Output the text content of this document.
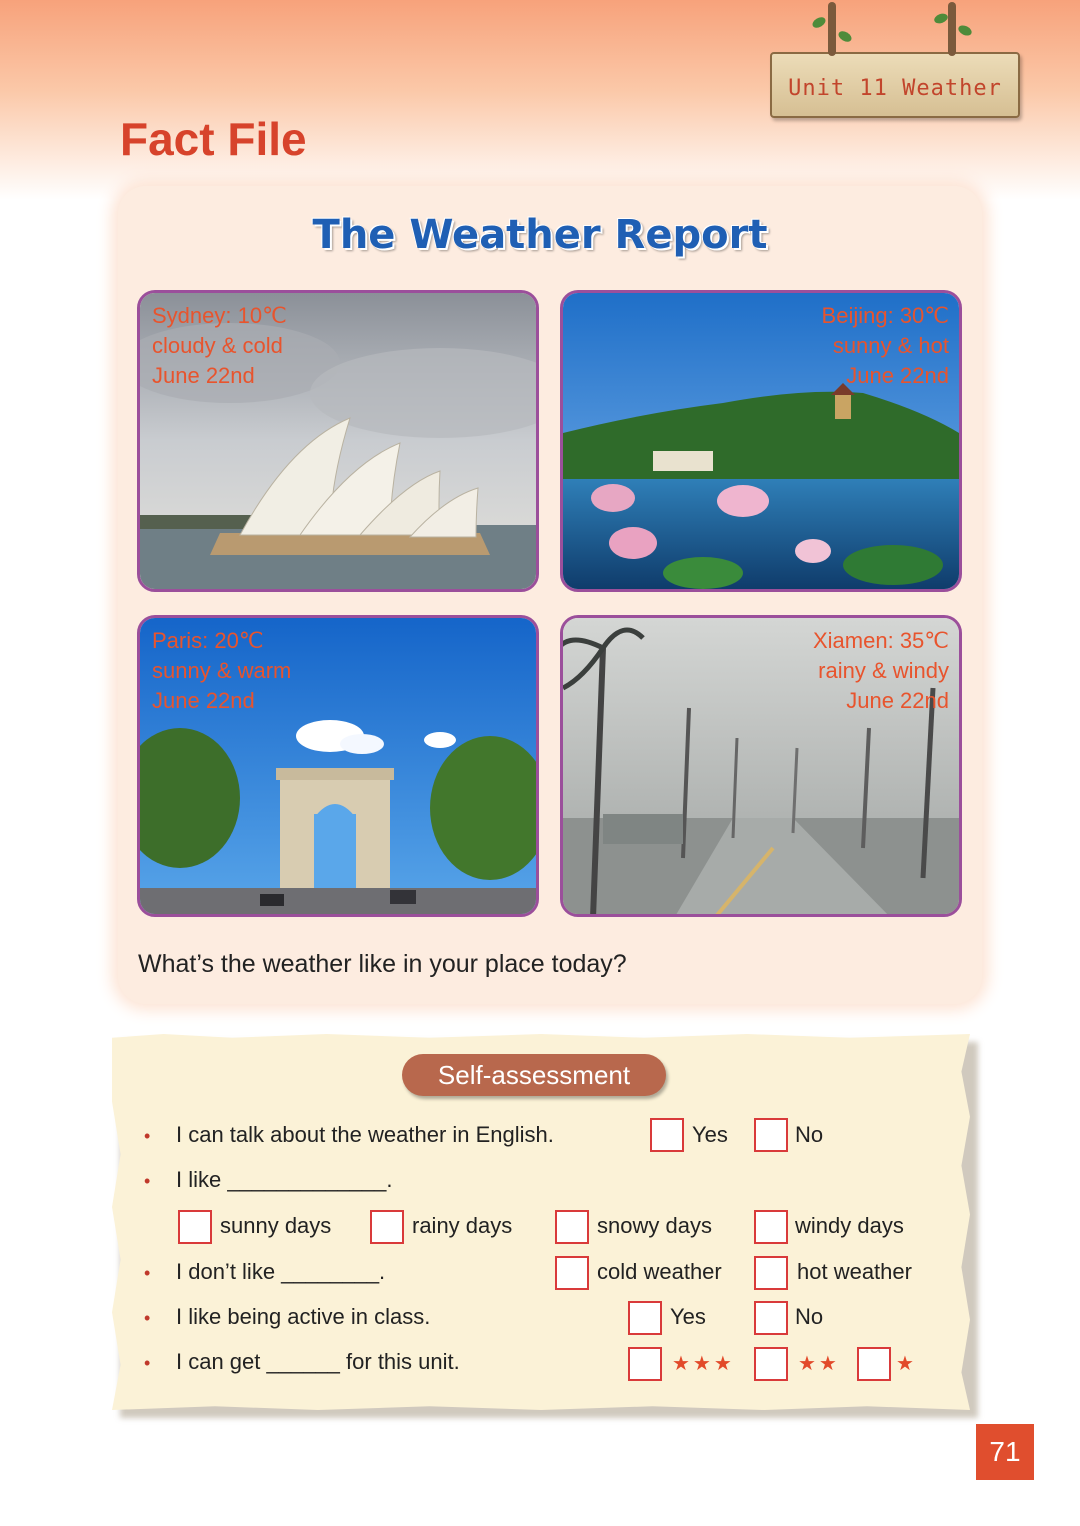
Unit 11 Weather
Fact File
The Weather Report
Sydney: 10℃
cloudy & cold
June 22nd
Beijing: 30℃
sunny & hot
June 22nd
Paris: 20℃
sunny & warm
June 22nd
Xiamen: 35℃
rainy & windy
June 22nd

What’s the weather like in your place today?

Self-assessment
• I can talk about the weather in English.	Yes	No
• I like _____________.
sunny days	rainy days	snowy days	windy days
• I don’t like ________.	cold weather	hot weather
• I like being active in class.	Yes	No
• I can get ______ for this unit.	★★★	★★	★
71
